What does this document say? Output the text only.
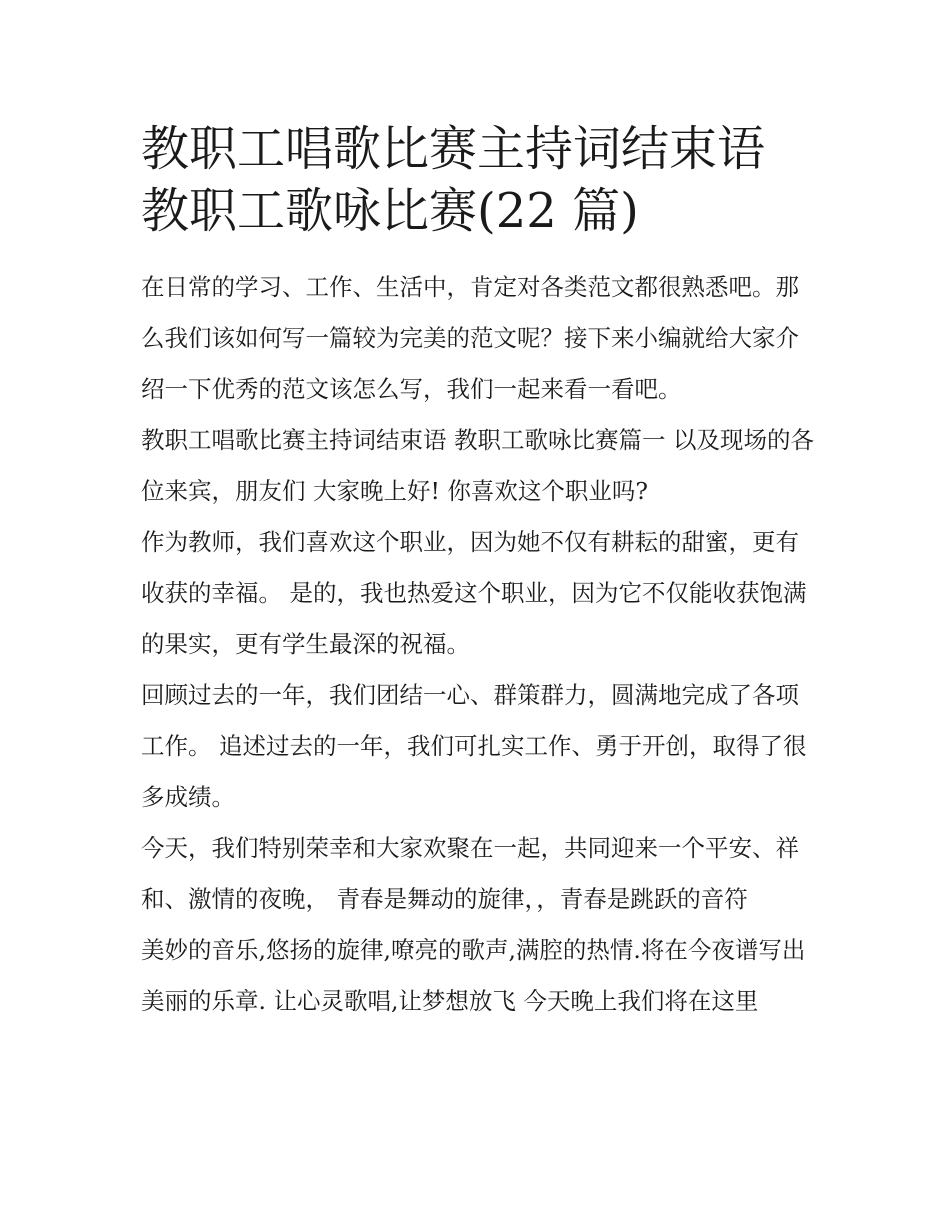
教职工唱歌比赛主持词结束语 教职工歌咏比赛(22 篇)

在日常的学习、工作、生活中，肯定对各类范文都很熟悉吧。那么我们该如何写一篇较为完美的范文呢？接下来小编就给大家介绍一下优秀的范文该怎么写，我们一起来看一看吧。

教职工唱歌比赛主持词结束语 教职工歌咏比赛篇一 以及现场的各位来宾，朋友们 大家晚上好! 你喜欢这个职业吗?

作为教师，我们喜欢这个职业，因为她不仅有耕耘的甜蜜，更有收获的幸福。 是的，我也热爱这个职业，因为它不仅能收获饱满的果实，更有学生最深的祝福。

回顾过去的一年，我们团结一心、群策群力，圆满地完成了各项工作。 追述过去的一年，我们可扎实工作、勇于开创，取得了很多成绩。

今天，我们特别荣幸和大家欢聚在一起，共同迎来一个平安、祥和、激情的夜晚， 青春是舞动的旋律，，青春是跳跃的音符

美妙的音乐,悠扬的旋律,嘹亮的歌声,满腔的热情.将在今夜谱写出美丽的乐章. 让心灵歌唱,让梦想放飞 今天晚上我们将在这里
